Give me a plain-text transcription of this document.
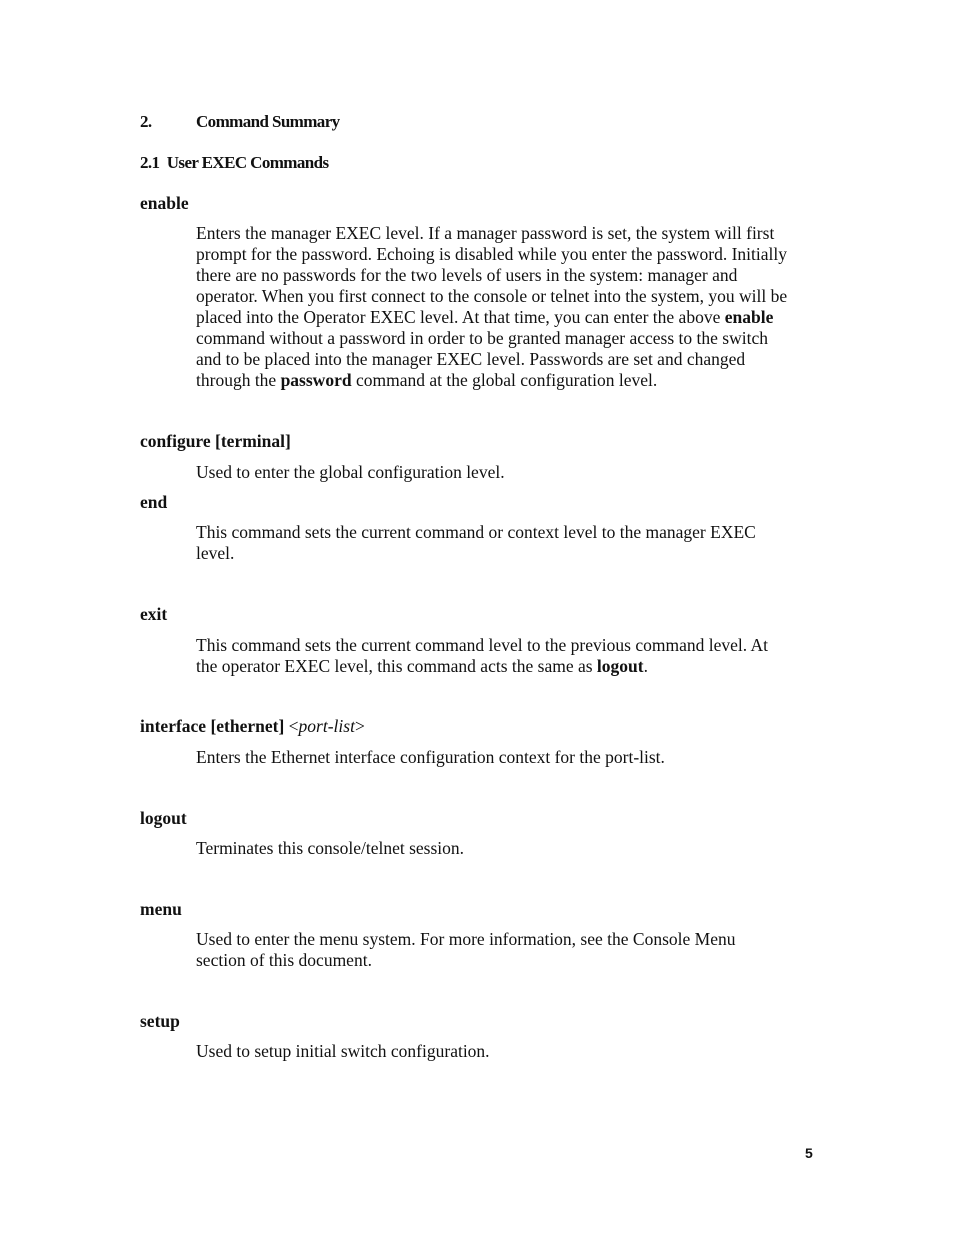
2.	Command Summary
2.1  User EXEC Commands
enable
Enters the manager EXEC level. If a manager password is set, the system will first
prompt for the password. Echoing is disabled while you enter the password. Initially
there are no passwords for the two levels of users in the system: manager and
operator. When you first connect to the console or telnet into the system, you will be
placed into the Operator EXEC level. At that time, you can enter the above enable
command without a password in order to be granted manager access to the switch
and to be placed into the manager EXEC level. Passwords are set and changed
through the password command at the global configuration level.
configure [terminal]
Used to enter the global configuration level.
end
This command sets the current command or context level to the manager EXEC
level.
exit
This command sets the current command level to the previous command level. At
the operator EXEC level, this command acts the same as logout.
interface [ethernet] <port-list>
Enters the Ethernet interface configuration context for the port-list.
logout
Terminates this console/telnet session.
menu
Used to enter the menu system. For more information, see the Console Menu
section of this document.
setup
Used to setup initial switch configuration.
5
